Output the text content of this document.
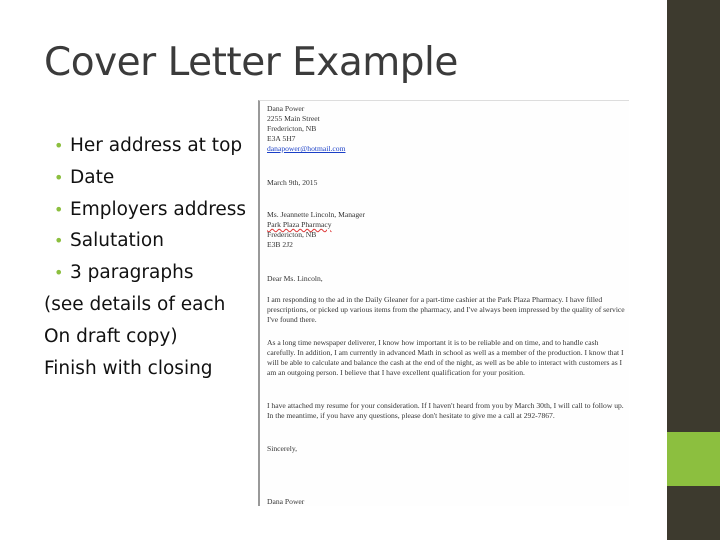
Cover Letter Example
• Her address at top
• Date
• Employers address
• Salutation
• 3 paragraphs
(see details of each
On draft copy)
Finish with closing

Dana Power

2255 Main Street

Fredericton, NB

E3A 5H7

danapower@hotmail.com

March 9th, 2015

Ms. Jeannette Lincoln, Manager

Park Plaza Pharmacy

Fredericton, NB

E3B 2J2

Dear Ms. Lincoln,

I am responding to the ad in the Daily Gleaner for a part-time cashier at the Park Plaza Pharmacy. I have filled prescriptions, or picked up various items from the pharmacy, and I've always been impressed by the quality of service I've found there.

As a long time newspaper deliverer, I know how important it is to be reliable and on time, and to handle cash carefully. In addition, I am currently in advanced Math in school as well as a member of the production. I know that I will be able to calculate and balance the cash at the end of the night, as well as be able to interact with customers as I am an outgoing person. I believe that I have excellent qualification for your position.

I have attached my resume for your consideration. If I haven't heard from you by March 30th, I will call to follow up. In the meantime, if you have any questions, please don't hesitate to give me a call at 292-7867.

Sincerely,

Dana Power
